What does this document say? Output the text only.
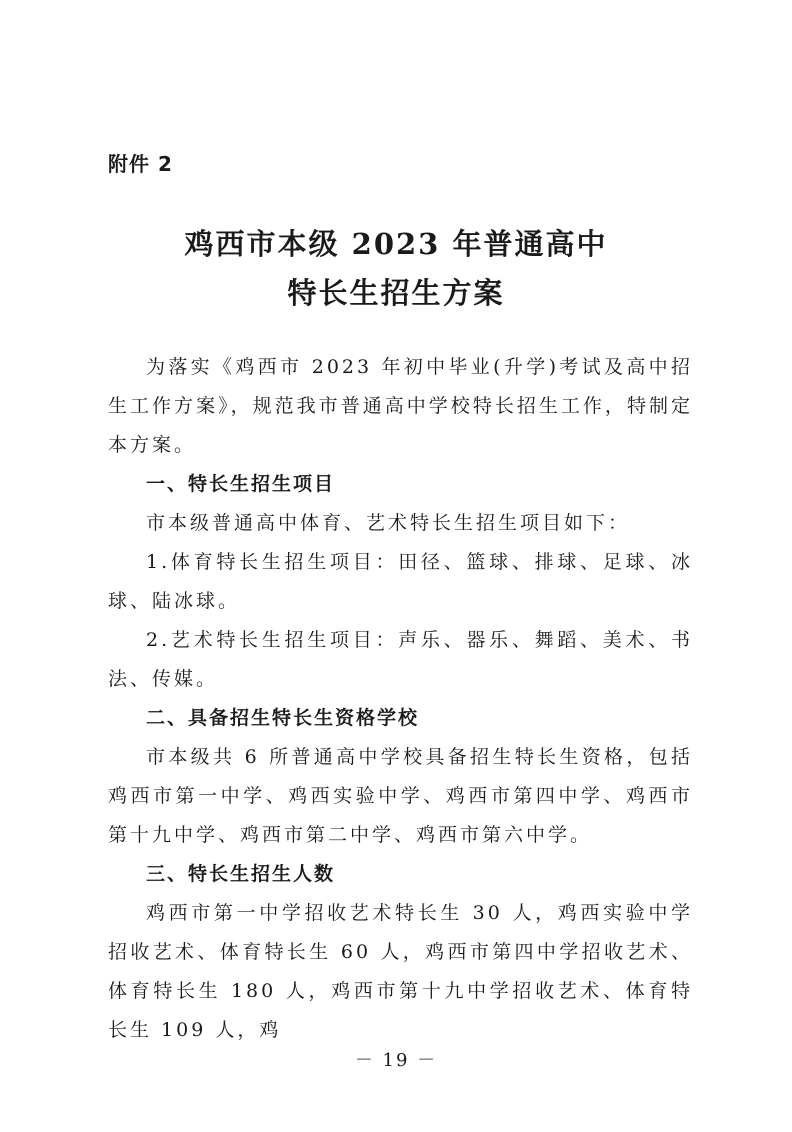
附件 2
鸡西市本级 2023 年普通高中
特长生招生方案

为落实《鸡西市 2023 年初中毕业(升学)考试及高中招生工作方案》，规范我市普通高中学校特长招生工作，特制定本方案。

一、特长生招生项目

市本级普通高中体育、艺术特长生招生项目如下：

1.体育特长生招生项目：田径、篮球、排球、足球、冰球、陆冰球。

2.艺术特长生招生项目：声乐、器乐、舞蹈、美术、书法、传媒。

二、具备招生特长生资格学校

市本级共 6 所普通高中学校具备招生特长生资格，包括鸡西市第一中学、鸡西实验中学、鸡西市第四中学、鸡西市第十九中学、鸡西市第二中学、鸡西市第六中学。

三、特长生招生人数

鸡西市第一中学招收艺术特长生 30 人，鸡西实验中学招收艺术、体育特长生 60 人，鸡西市第四中学招收艺术、体育特长生 180 人，鸡西市第十九中学招收艺术、体育特长生 109 人，鸡

－ 19 －
